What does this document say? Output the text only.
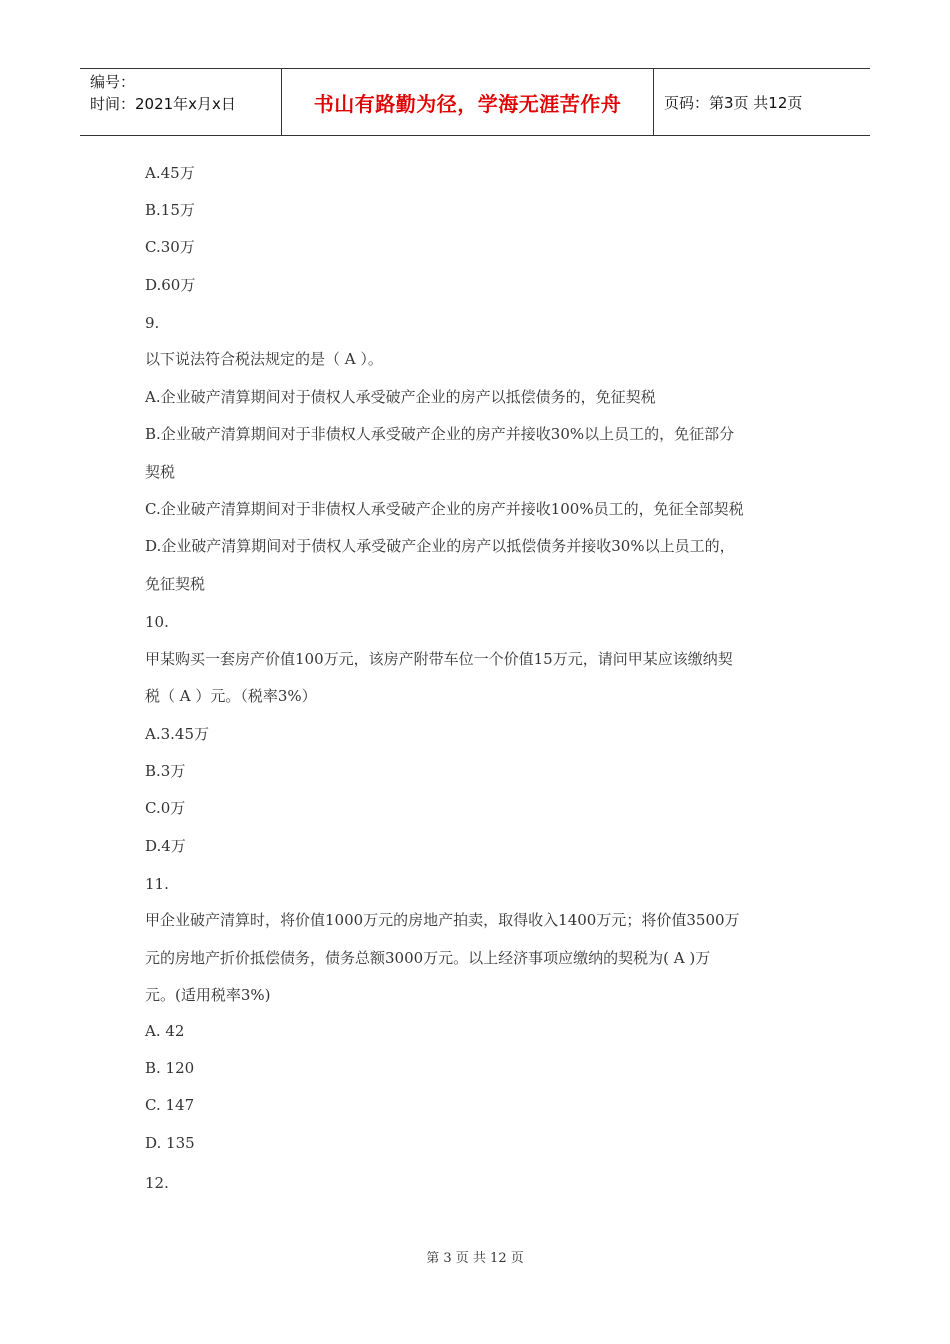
编号：
时间：2021年x月x日	书山有路勤为径，学海无涯苦作舟	页码：第3页 共12页
A.45万
B.15万
C.30万
D.60万
9.
以下说法符合税法规定的是（ A ）。
A.企业破产清算期间对于债权人承受破产企业的房产以抵偿债务的，免征契税
B.企业破产清算期间对于非债权人承受破产企业的房产并接收30%以上员工的，免征部分
契税
C.企业破产清算期间对于非债权人承受破产企业的房产并接收100%员工的，免征全部契税
D.企业破产清算期间对于债权人承受破产企业的房产以抵偿债务并接收30%以上员工的，
免征契税
10.
甲某购买一套房产价值100万元，该房产附带车位一个价值15万元，请问甲某应该缴纳契
税（ A ）元。（税率3%）
A.3.45万
B.3万
C.0万
D.4万
11.
甲企业破产清算时，将价值1000万元的房地产拍卖，取得收入1400万元；将价值3500万
元的房地产折价抵偿债务，债务总额3000万元。以上经济事项应缴纳的契税为( A )万
元。(适用税率3%)
A. 42
B. 120
C. 147
D. 135
12.
第 3 页 共 12 页
